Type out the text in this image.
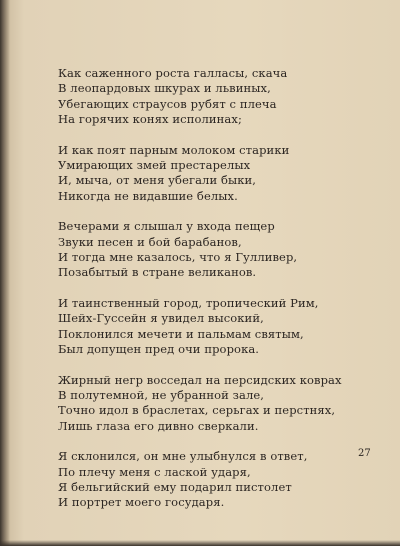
Как саженного роста галласы, скача
В леопардовых шкурах и львиных,
Убегающих страусов рубят с плеча
На горячих конях исполинах;
И как поят парным молоком старики
Умирающих змей престарелых
И, мыча, от меня убегали быки,
Никогда не видавшие белых.
Вечерами я слышал у входа пещер
Звуки песен и бой барабанов,
И тогда мне казалось, что я Гулливер,
Позабытый в стране великанов.
И таинственный город, тропический Рим,
Шейх-Гуссейн я увидел высокий,
Поклонился мечети и пальмам святым,
Был допущен пред очи пророка.
Жирный негр восседал на персидских коврах
В полутемной, не убранной зале,
Точно идол в браслетах, серьгах и перстнях,
Лишь глаза его дивно сверкали.
Я склонился, он мне улыбнулся в ответ,
По плечу меня с лаской ударя,
Я бельгийский ему подарил пистолет
И портрет моего государя.
27
